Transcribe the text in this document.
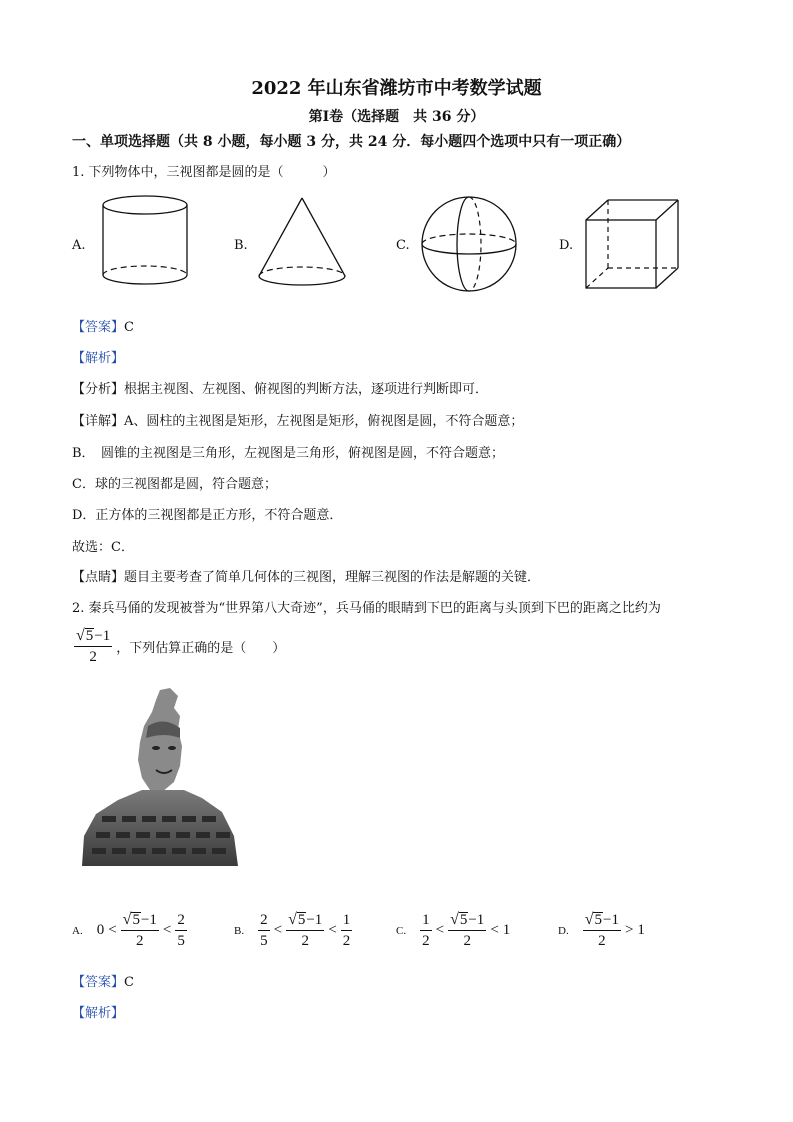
2022 年山东省潍坊市中考数学试题
第Ⅰ卷（选择题　共 36 分）
一、单项选择题（共 8 小题，每小题 3 分，共 24 分．每小题四个选项中只有一项正确）
1. 下列物体中，三视图都是圆的是（　　　）
A.	B.	C.	D.
【答案】C
【解析】
【分析】根据主视图、左视图、俯视图的判断方法，逐项进行判断即可．
【详解】A、圆柱的主视图是矩形，左视图是矩形，俯视图是圆，不符合题意；
B．　圆锥的主视图是三角形，左视图是三角形，俯视图是圆，不符合题意；
C．球的三视图都是圆，符合题意；
D．正方体的三视图都是正方形，不符合题意．
故选：C．
【点睛】题目主要考查了简单几何体的三视图，理解三视图的作法是解题的关键．
2. 秦兵马俑的发现被誉为“世界第八大奇迹”，兵马俑的眼睛到下巴的距离与头顶到下巴的距离之比约为
$\frac{√ 5 -1}{2}$ ，下列估算正确的是（　　）
A. $0 < \frac{√ 5 -1}{2} < \frac{2}{5}$	B. $\frac{2}{5} < \frac{√ 5 -1}{2} < \frac{1}{2}$	C. $\frac{1}{2} < \frac{√ 5 -1}{2} < 1$	D. $\frac{√ 5 -1}{2} > 1$
【答案】C
【解析】
